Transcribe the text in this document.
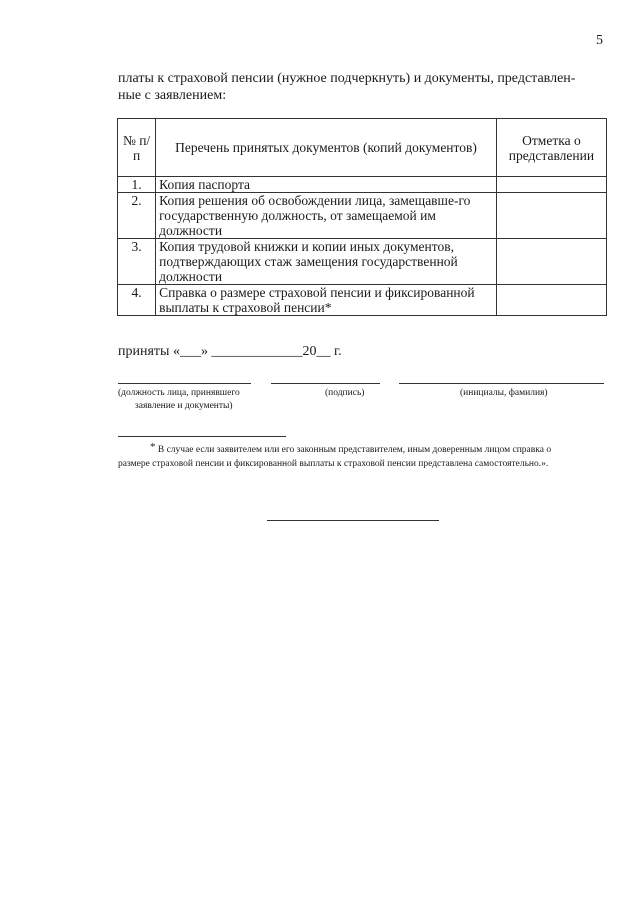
5
платы к страховой пенсии (нужное подчеркнуть) и документы, представлен-
ные с заявлением:
№ п/п	Перечень принятых документов (копий документов)	Отметка о представлении
1.	Копия паспорта	
2.	Копия решения об освобождении лица, замещавше-го государственную должность, от замещаемой им должности	
3.	Копия трудовой книжки и копии иных документов, подтверждающих стаж замещения государственной должности	
4.	Справка о размере страховой пенсии и фиксированной выплаты к страховой пенсии*	
приняты «___» _____________20__ г.
(должность лица, принявшего
заявление и документы)
(подпись)	(инициалы, фамилия)
* В случае если заявителем или его законным представителем, иным доверенным лицом справка о
размере страховой пенсии и фиксированной выплаты к страховой пенсии представлена самостоятельно.».
